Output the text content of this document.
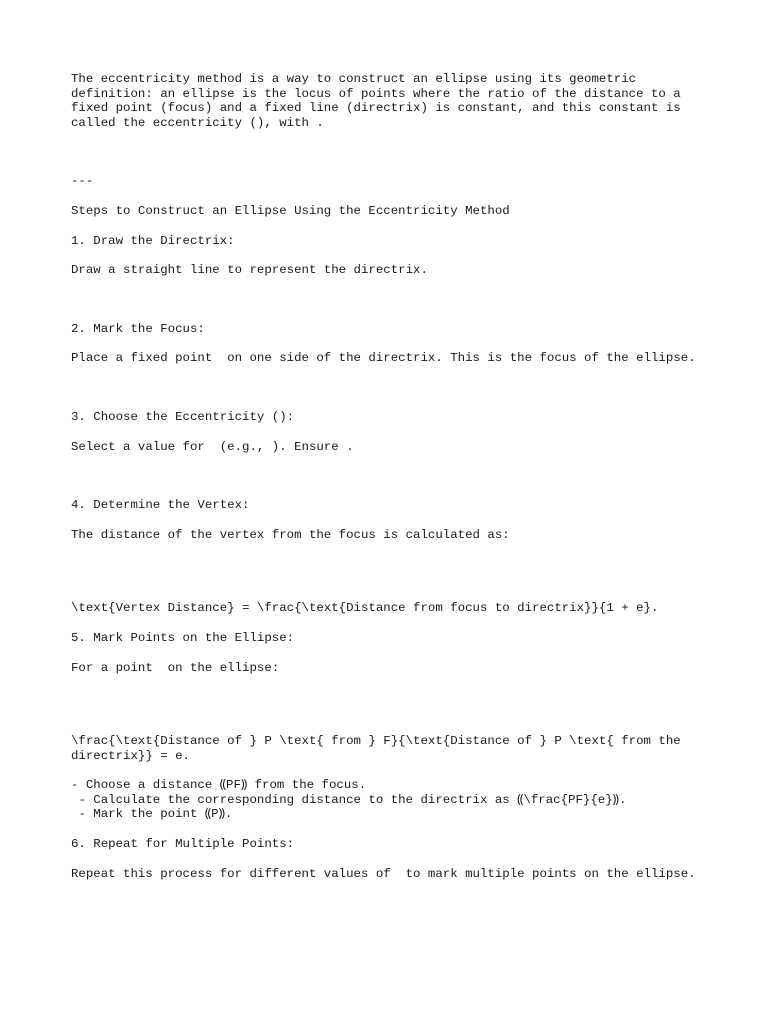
The eccentricity method is a way to construct an ellipse using its geometric definition: an ellipse is the locus of points where the ratio of the distance to a fixed point (focus) and a fixed line (directrix) is constant, and this constant is called the eccentricity (), with .

---

Steps to Construct an Ellipse Using the Eccentricity Method

1. Draw the Directrix:

Draw a straight line to represent the directrix.

2. Mark the Focus:

Place a fixed point  on one side of the directrix. This is the focus of the ellipse.

3. Choose the Eccentricity ():

Select a value for  (e.g., ). Ensure .

4. Determine the Vertex:

The distance of the vertex from the focus is calculated as:

\text{Vertex Distance} = \frac{\text{Distance from focus to directrix}}{1 + e}.

5. Mark Points on the Ellipse:

For a point  on the ellipse:

\frac{\text{Distance of } P \text{ from } F}{\text{Distance of } P \text{ from the directrix}} = e.

- Choose a distance ⸨PF⸩ from the focus.

- Calculate the corresponding distance to the directrix as ⸨\frac{PF}{e}⸩.

- Mark the point ⸨P⸩.

6. Repeat for Multiple Points:

Repeat this process for different values of  to mark multiple points on the ellipse.
